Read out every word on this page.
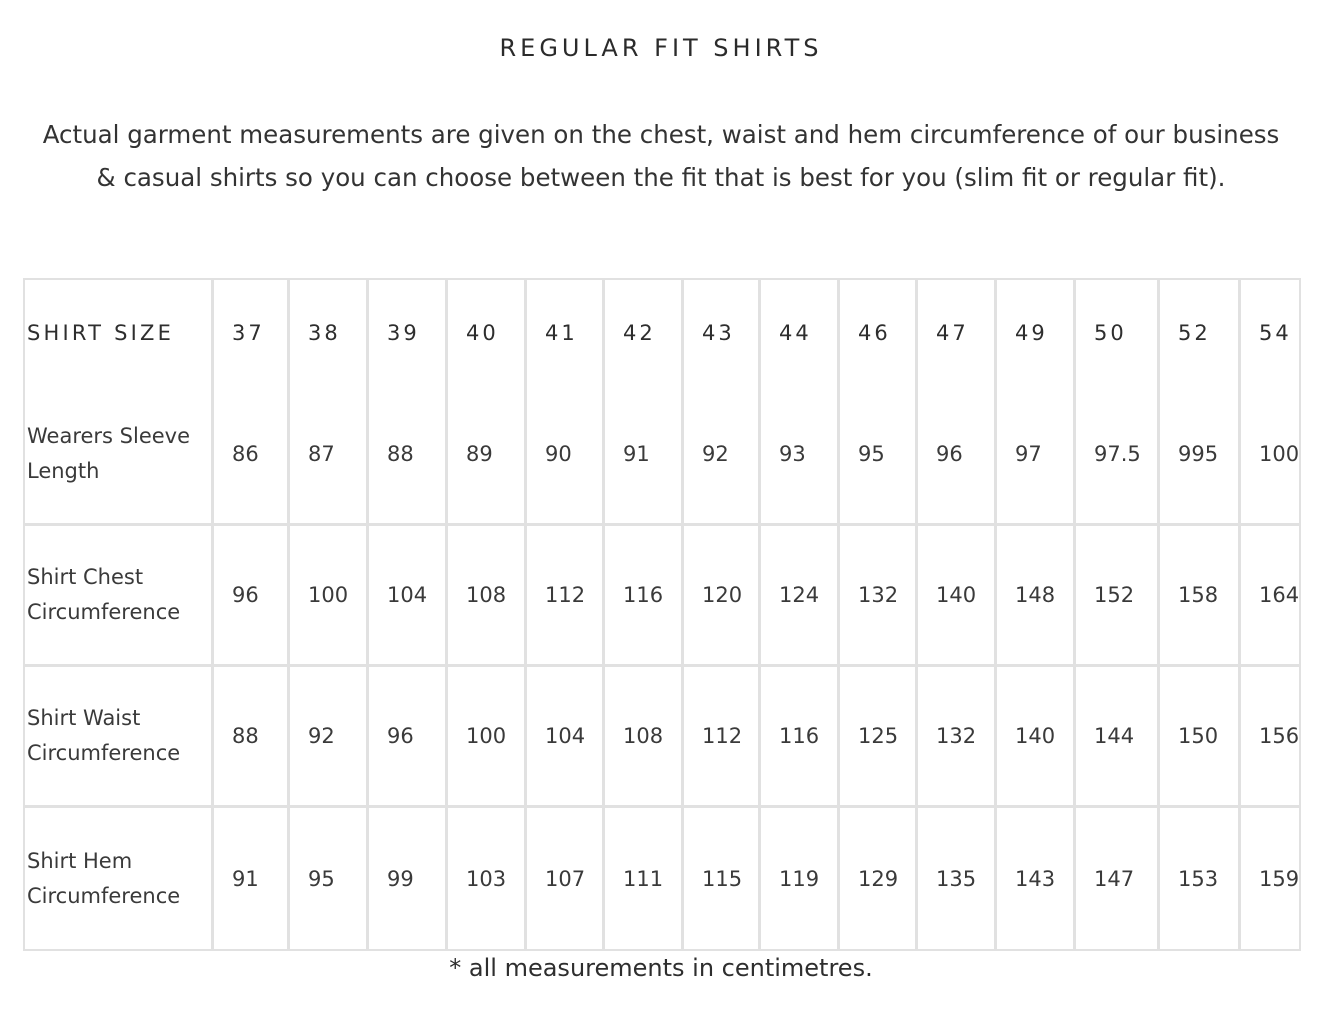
REGULAR FIT SHIRTS
Actual garment measurements are given on the chest, waist and hem circumference of our business & casual shirts so you can choose between the fit that is best for you (slim fit or regular fit).
SHIRT SIZE	37	38	39	40	41	42	43	44	46	47	49	50	52	54
Wearers Sleeve Length	86	87	88	89	90	91	92	93	95	96	97	97.5	995	100
Shirt Chest Circumference	96	100	104	108	112	116	120	124	132	140	148	152	158	164
Shirt Waist Circumference	88	92	96	100	104	108	112	116	125	132	140	144	150	156
Shirt Hem Circumference	91	95	99	103	107	111	115	119	129	135	143	147	153	159
* all measurements in centimetres.
